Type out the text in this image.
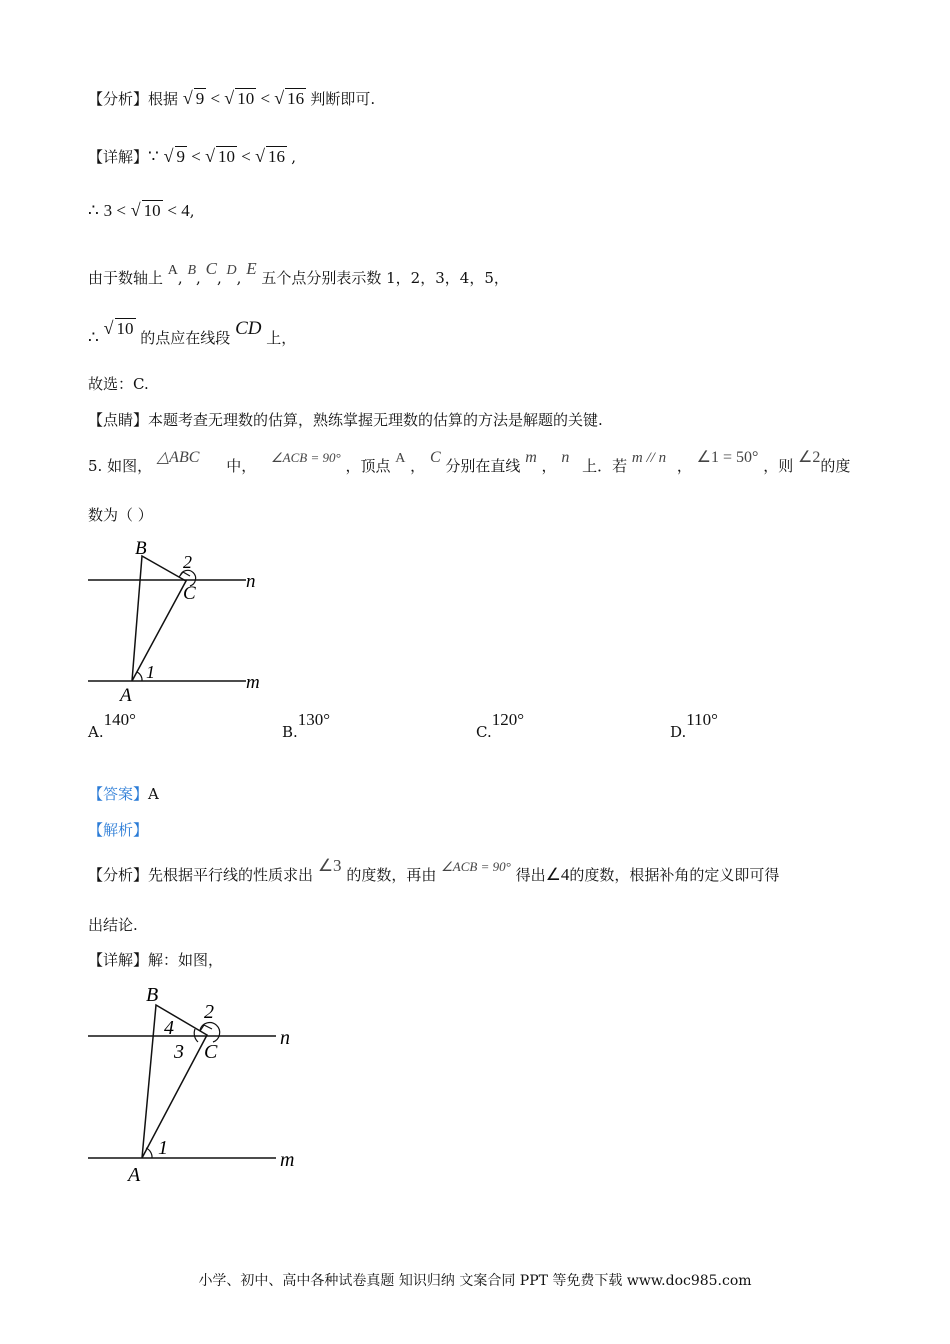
【分析】根据 √ 9 < √ 10 < √ 16 判断即可.
【详解】∵ √ 9 < √ 10 < √ 16 ,
∴ 3 < √ 10 < 4,
由于数轴上 A, B, C, D, E 五个点分别表示数 1，2，3，4，5，
∴ √ 10 的点应在线段 CD 上，
故选：C.
【点睛】本题考查无理数的估算，熟练掌握无理数的估算的方法是解题的关键.
5. 如图， △ABC 中， ∠ACB = 90° ，顶点 A ， C 分别在直线 m ， n 上．若 m // n ， ∠1 = 50° ，则 ∠2的度
数为（ ）
B
2
C
n
1
A
m
A.140°
B.130°
C.120°
D.110°
【答案】A
【解析】
【分析】先根据平行线的性质求出 ∠3 的度数，再由 ∠ACB = 90° 得出∠4的度数，根据补角的定义即可得
出结论.
【详解】解：如图，
B
4
2
3 C
n
1
A
m
小学、初中、高中各种试卷真题 知识归纳 文案合同 PPT 等免费下载 www.doc985.com
